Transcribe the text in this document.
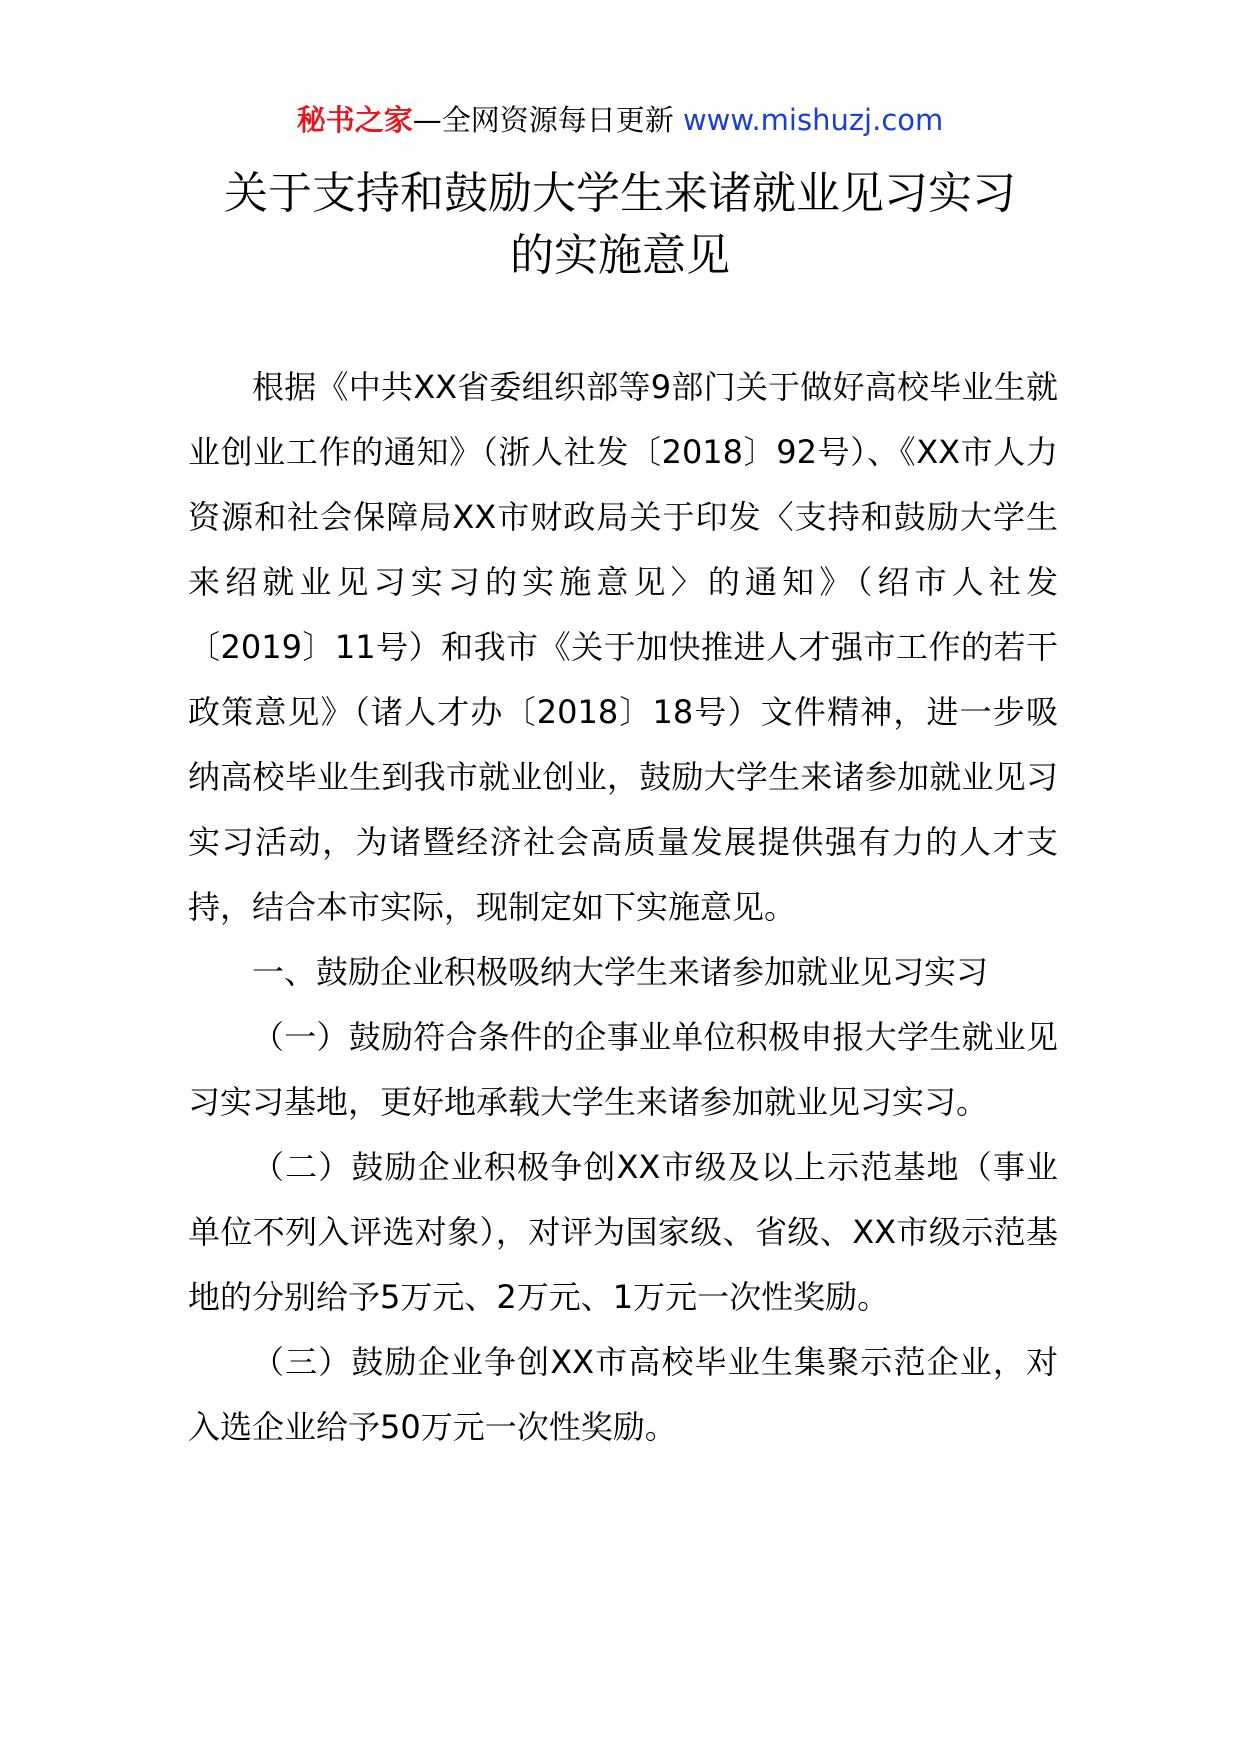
秘书之家—全网资源每日更新 www.mishuzj.com
关于支持和鼓励大学生来诸就业见习实习
的实施意见

根据《中共XX省委组织部等9部门关于做好高校毕业生就业创业工作的通知》（浙人社发〔2018〕92号）、《XX市人力资源和社会保障局XX市财政局关于印发〈支持和鼓励大学生来绍就业见习实习的实施意见〉的通知》（绍市人社发〔2019〕11号）和我市《关于加快推进人才强市工作的若干政策意见》（诸人才办〔2018〕18号）文件精神，进一步吸纳高校毕业生到我市就业创业，鼓励大学生来诸参加就业见习实习活动，为诸暨经济社会高质量发展提供强有力的人才支持，结合本市实际，现制定如下实施意见。

一、鼓励企业积极吸纳大学生来诸参加就业见习实习

（一）鼓励符合条件的企事业单位积极申报大学生就业见习实习基地，更好地承载大学生来诸参加就业见习实习。

（二）鼓励企业积极争创XX市级及以上示范基地（事业单位不列入评选对象），对评为国家级、省级、XX市级示范基地的分别给予5万元、2万元、1万元一次性奖励。

（三）鼓励企业争创XX市高校毕业生集聚示范企业，对入选企业给予50万元一次性奖励。
